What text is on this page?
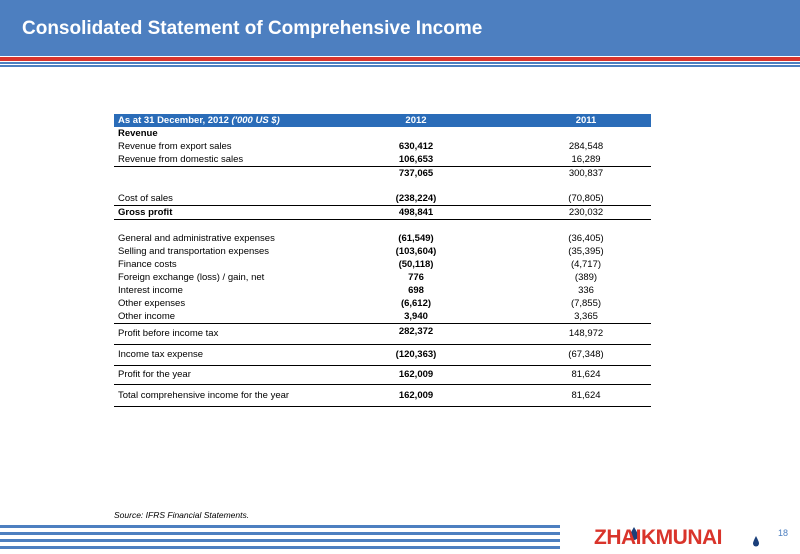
Consolidated Statement of Comprehensive Income
As at 31 December, 2012 ('000 US $)	2012	2011
Revenue
Revenue from export sales	630,412	284,548
Revenue from domestic sales	106,653	16,289
737,065	300,837
Cost of sales	(238,224)	(70,805)
Gross profit	498,841	230,032
General and administrative expenses	(61,549)	(36,405)
Selling and transportation expenses	(103,604)	(35,395)
Finance costs	(50,118)	(4,717)
Foreign exchange (loss) / gain, net	776	(389)
Interest income	698	336
Other expenses	(6,612)	(7,855)
Other income	3,940	3,365
Profit before income tax	282,372	148,972
Income tax expense	(120,363)	(67,348)
Profit for the year	162,009	81,624
Total comprehensive income for the year	162,009	81,624
Source: IFRS Financial Statements.
ZHAIKMUNAI	18
